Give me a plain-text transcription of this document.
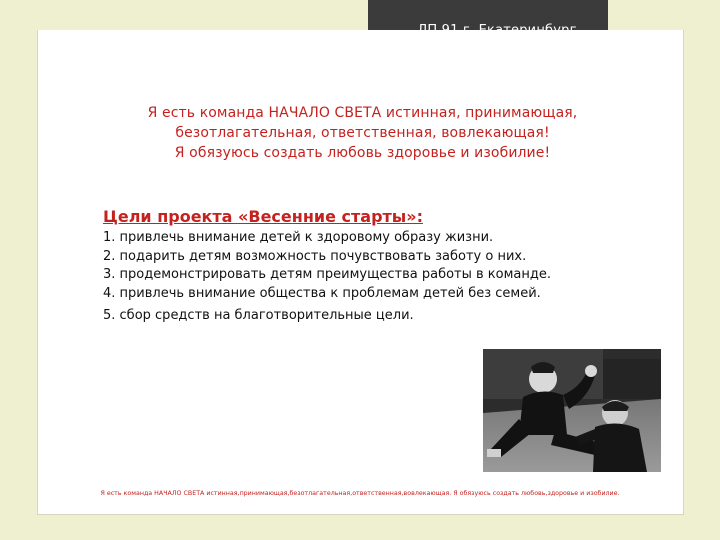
Я есть команда НАЧАЛО СВЕТА истинная, принимающая,
безотлагательная, ответственная, вовлекающая!
Я обязуюсь создать любовь здоровье и изобилие!
Цели проекта «Весенние старты»:
1. привлечь внимание детей к здоровому образу жизни.
2. подарить детям возможность почувствовать заботу о них.
3. продемонстрировать детям преимущества работы в команде.
4. привлечь внимание общества к проблемам детей без семей.
5. сбор средств на благотворительные цели.
Я есть команда НАЧАЛО СВЕТА истинная,принимающая,безотлагательная,ответственная,вовлекающая. Я обязуюсь создать любовь,здоровье и изобилие.
